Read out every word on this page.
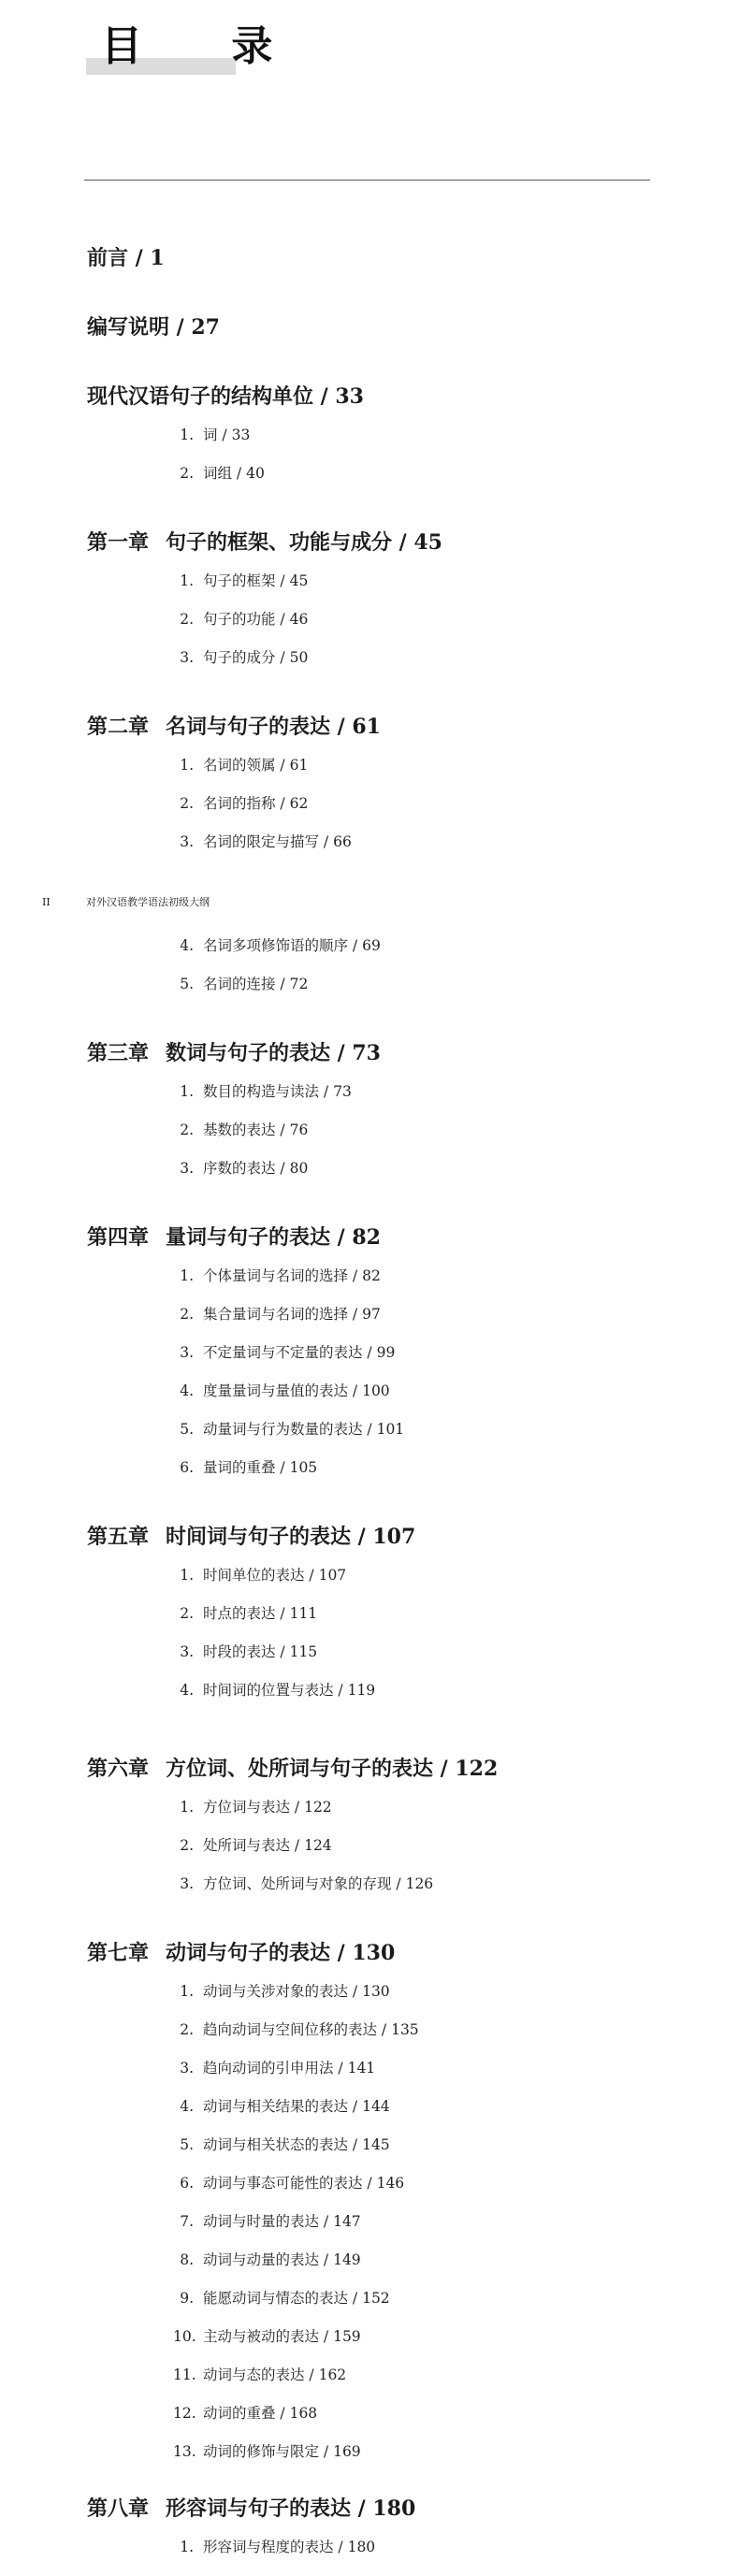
目 录
II	对外汉语教学语法初级大纲
前言 / 1
编写说明 / 27
现代汉语句子的结构单位 / 33
1. 词 / 33
2. 词组 / 40
第一章 句子的框架、功能与成分 / 45
1. 句子的框架 / 45
2. 句子的功能 / 46
3. 句子的成分 / 50
第二章 名词与句子的表达 / 61
1. 名词的领属 / 61
2. 名词的指称 / 62
3. 名词的限定与描写 / 66
4. 名词多项修饰语的顺序 / 69
5. 名词的连接 / 72
第三章 数词与句子的表达 / 73
1. 数目的构造与读法 / 73
2. 基数的表达 / 76
3. 序数的表达 / 80
第四章 量词与句子的表达 / 82
1. 个体量词与名词的选择 / 82
2. 集合量词与名词的选择 / 97
3. 不定量词与不定量的表达 / 99
4. 度量量词与量值的表达 / 100
5. 动量词与行为数量的表达 / 101
6. 量词的重叠 / 105
第五章 时间词与句子的表达 / 107
1. 时间单位的表达 / 107
2. 时点的表达 / 111
3. 时段的表达 / 115
4. 时间词的位置与表达 / 119
第六章 方位词、处所词与句子的表达 / 122
1. 方位词与表达 / 122
2. 处所词与表达 / 124
3. 方位词、处所词与对象的存现 / 126
第七章 动词与句子的表达 / 130
1. 动词与关涉对象的表达 / 130
2. 趋向动词与空间位移的表达 / 135
3. 趋向动词的引申用法 / 141
4. 动词与相关结果的表达 / 144
5. 动词与相关状态的表达 / 145
6. 动词与事态可能性的表达 / 146
7. 动词与时量的表达 / 147
8. 动词与动量的表达 / 149
9. 能愿动词与情态的表达 / 152
10. 主动与被动的表达 / 159
11. 动词与态的表达 / 162
12. 动词的重叠 / 168
13. 动词的修饰与限定 / 169
第八章 形容词与句子的表达 / 180
1. 形容词与程度的表达 / 180
